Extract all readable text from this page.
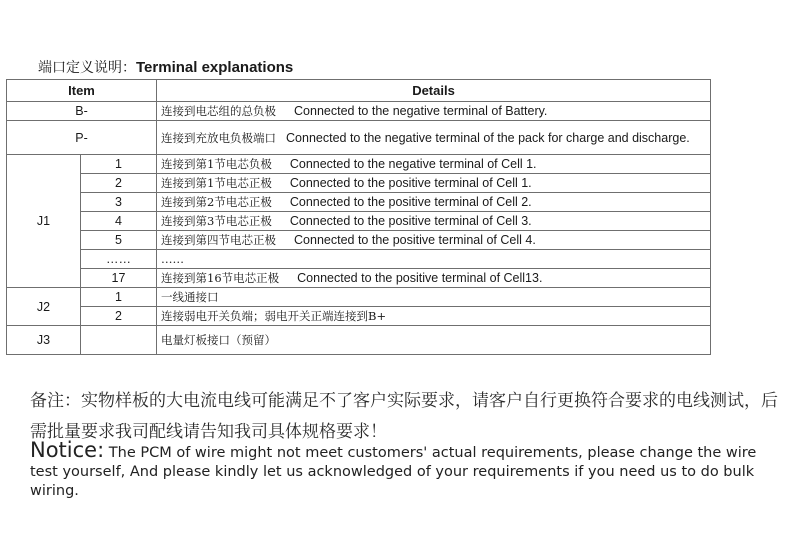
端口定义说明：Terminal explanations
Item		Details
B-		连接到电芯组的总负极 Connected to the negative terminal of Battery.
P-		连接到充放电负极端口 Connected to the negative terminal of the pack for charge and discharge.
J1	1	连接到第1节电芯负极 Connected to the negative terminal of Cell 1.
	2	连接到第1节电芯正极 Connected to the positive terminal of Cell 1.
	3	连接到第2节电芯正极 Connected to the positive terminal of Cell 2.
	4	连接到第3节电芯正极 Connected to the positive terminal of Cell 3.
	5	连接到第四节电芯正极 Connected to the positive terminal of Cell 4.
	……	……
	17	连接到第16节电芯正极 Connected to the positive terminal of Cell13.
J2	1	一线通接口
	2	连接弱电开关负端；弱电开关正端连接到B+
J3		电量灯板接口（预留）
备注：实物样板的大电流电线可能满足不了客户实际要求，请客户自行更换符合要求的电线测试，后需批量要求我司配线请告知我司具体规格要求！
Notice: The PCM of wire might not meet customers' actual requirements, please change the wire test yourself, And please kindly let us acknowledged of your requirements if you need us to do bulk wiring.
